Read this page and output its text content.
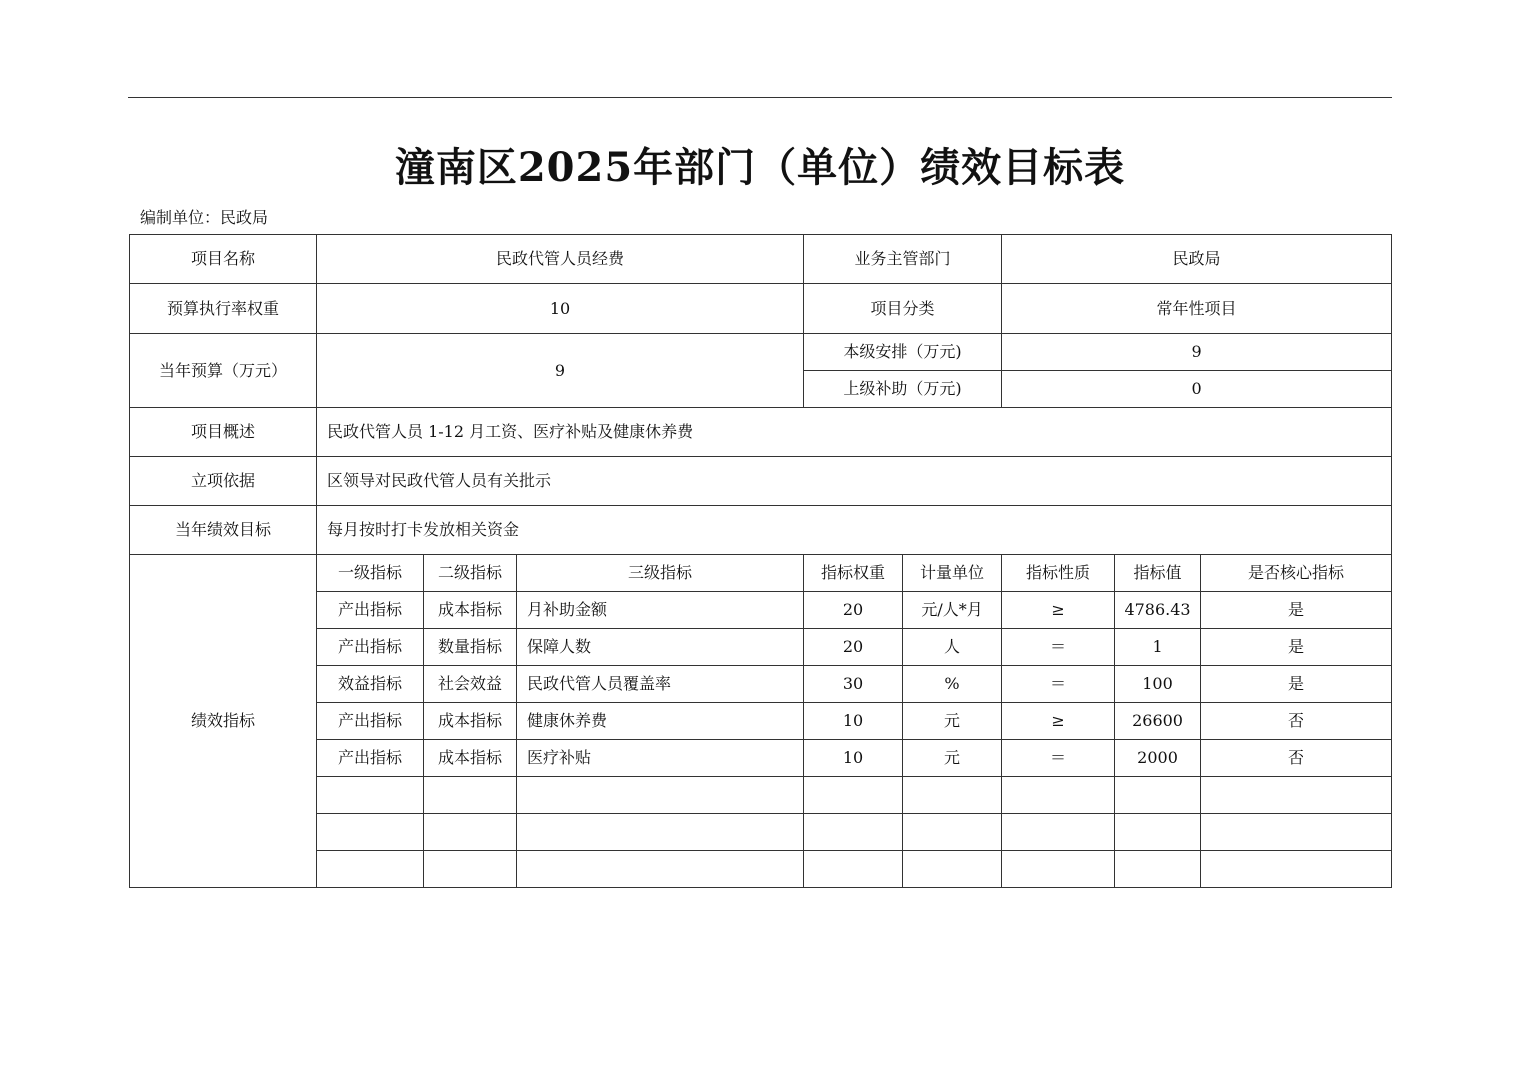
潼南区2025年部门（单位）绩效目标表
编制单位：民政局
项目名称	民政代管人员经费			业务主管部门		民政局		
预算执行率权重	10			项目分类		常年性项目		
当年预算（万元）	9			本级安排（万元)		9		
				上级补助（万元)		0		
项目概述	民政代管人员 1-12 月工资、医疗补贴及健康休养费							
立项依据	区领导对民政代管人员有关批示							
当年绩效目标	每月按时打卡发放相关资金							
绩效指标	一级指标	二级指标	三级指标	指标权重	计量单位	指标性质	指标值	是否核心指标
	产出指标	成本指标	月补助金额	20	元/人*月	≥	4786.43	是
	产出指标	数量指标	保障人数	20	人	＝	1	是
	效益指标	社会效益	民政代管人员覆盖率	30	%	＝	100	是
	产出指标	成本指标	健康休养费	10	元	≥	26600	否
	产出指标	成本指标	医疗补贴	10	元	＝	2000	否
